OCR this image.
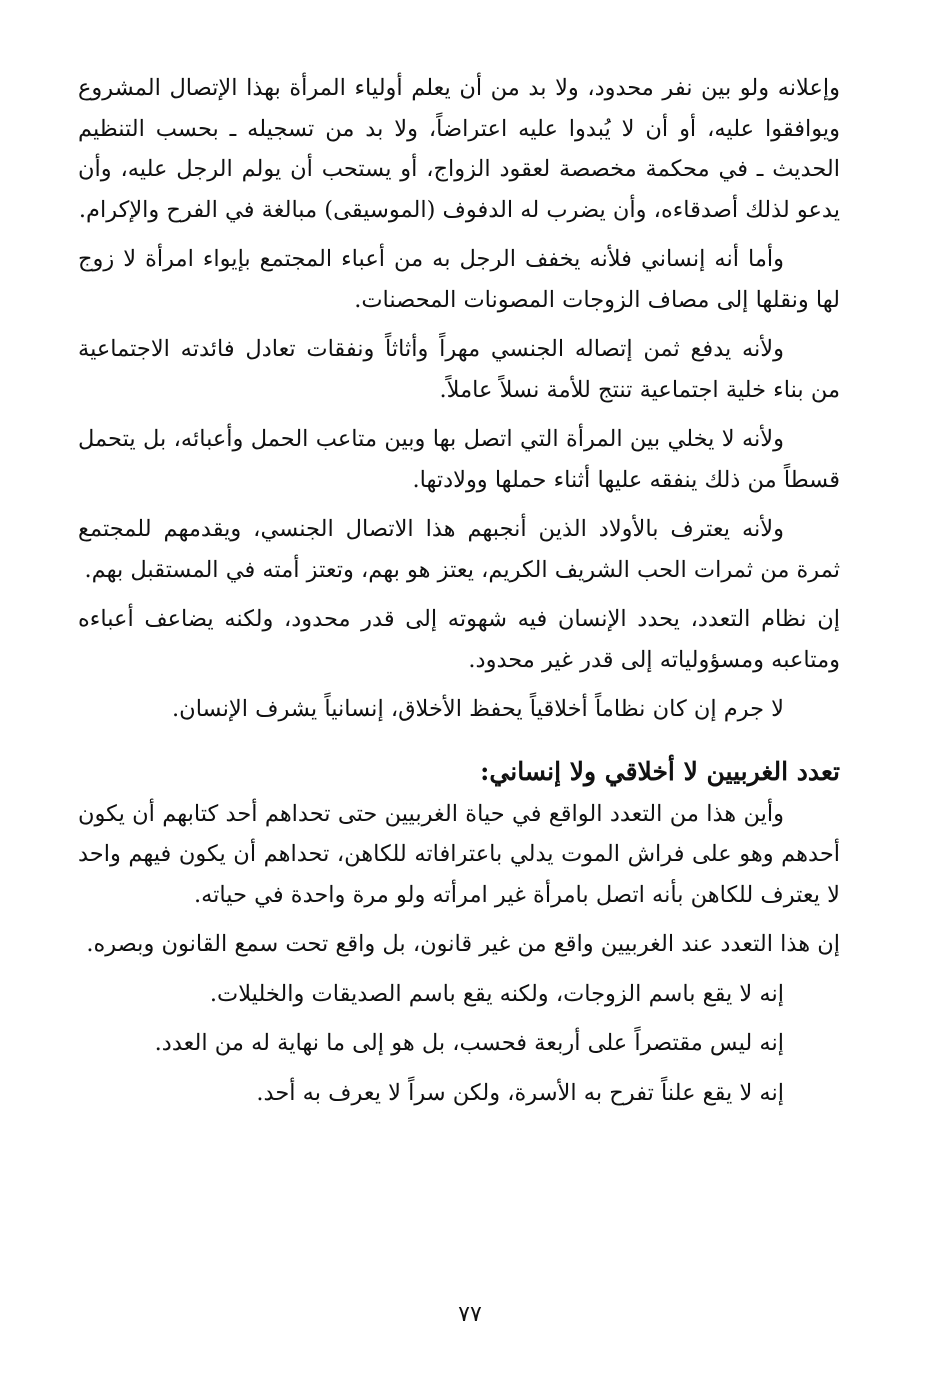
وإعلانه ولو بين نفر محدود، ولا بد من أن يعلم أولياء المرأة بهذا الإتصال المشروع ويوافقوا عليه، أو أن لا يُبدوا عليه اعتراضاً، ولا بد من تسجيله ـ بحسب التنظيم الحديث ـ في محكمة مخصصة لعقود الزواج، أو يستحب أن يولم الرجل عليه، وأن يدعو لذلك أصدقاءه، وأن يضرب له الدفوف (الموسيقى) مبالغة في الفرح والإكرام.

وأما أنه إنساني فلأنه يخفف الرجل به من أعباء المجتمع بإيواء امرأة لا زوج لها ونقلها إلى مصاف الزوجات المصونات المحصنات.

ولأنه يدفع ثمن إتصاله الجنسي مهراً وأثاثاً ونفقات تعادل فائدته الاجتماعية من بناء خلية اجتماعية تنتج للأمة نسلاً عاملاً.

ولأنه لا يخلي بين المرأة التي اتصل بها وبين متاعب الحمل وأعبائه، بل يتحمل قسطاً من ذلك ينفقه عليها أثناء حملها وولادتها.

ولأنه يعترف بالأولاد الذين أنجبهم هذا الاتصال الجنسي، ويقدمهم للمجتمع ثمرة من ثمرات الحب الشريف الكريم، يعتز هو بهم، وتعتز أمته في المستقبل بهم.

إن نظام التعدد، يحدد الإنسان فيه شهوته إلى قدر محدود، ولكنه يضاعف أعباءه ومتاعبه ومسؤولياته إلى قدر غير محدود.

لا جرم إن كان نظاماً أخلاقياً يحفظ الأخلاق، إنسانياً يشرف الإنسان.

تعدد الغربيين لا أخلاقي ولا إنساني:

وأين هذا من التعدد الواقع في حياة الغربيين حتى تحداهم أحد كتابهم أن يكون أحدهم وهو على فراش الموت يدلي باعترافاته للكاهن، تحداهم أن يكون فيهم واحد لا يعترف للكاهن بأنه اتصل بامرأة غير امرأته ولو مرة واحدة في حياته.

إن هذا التعدد عند الغربيين واقع من غير قانون، بل واقع تحت سمع القانون وبصره.

إنه لا يقع باسم الزوجات، ولكنه يقع باسم الصديقات والخليلات.

إنه ليس مقتصراً على أربعة فحسب، بل هو إلى ما نهاية له من العدد.

إنه لا يقع علناً تفرح به الأسرة، ولكن سراً لا يعرف به أحد.

٧٧
